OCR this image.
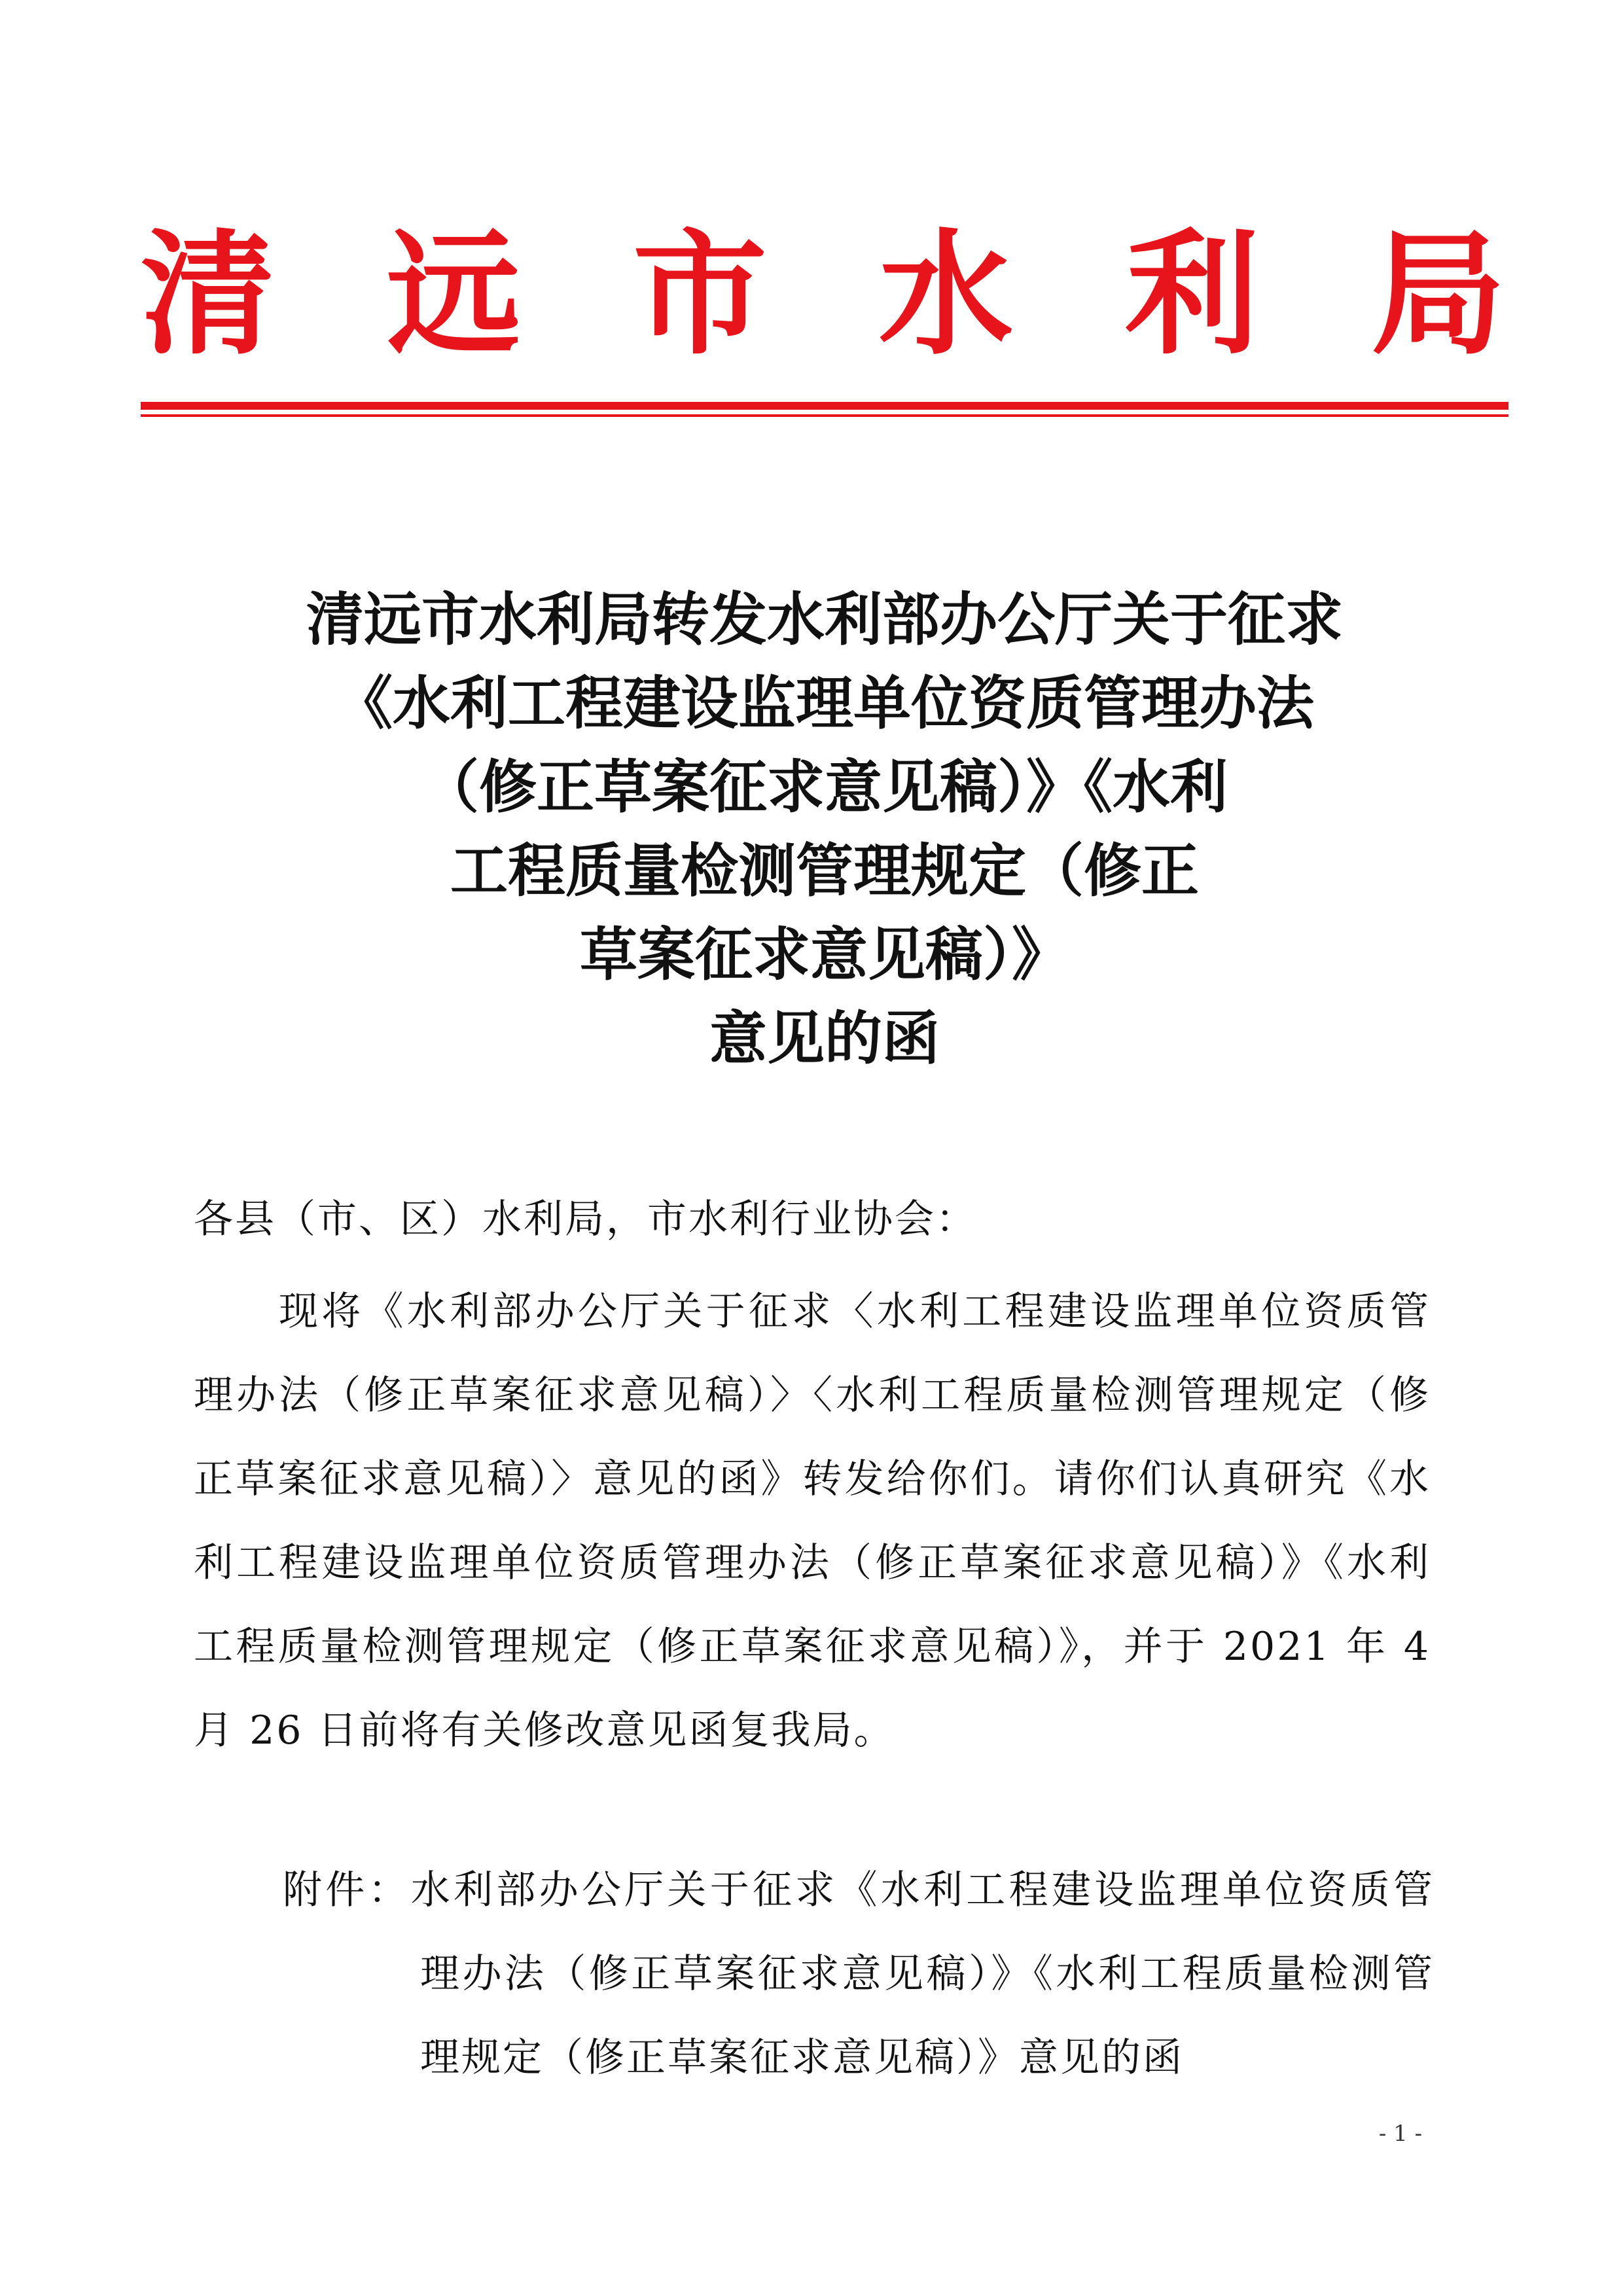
清 远 市 水 利 局
清远市水利局转发水利部办公厅关于征求
《水利工程建设监理单位资质管理办法
（修正草案征求意见稿）》《水利
工程质量检测管理规定（修正
草案征求意见稿）》
意见的函
各县（市、区）水利局，市水利行业协会：
现将《水利部办公厅关于征求〈水利工程建设监理单位资质管理办法（修正草案征求意见稿）〉〈水利工程质量检测管理规定（修正草案征求意见稿）〉意见的函》转发给你们。请你们认真研究《水利工程建设监理单位资质管理办法（修正草案征求意见稿）》《水利工程质量检测管理规定（修正草案征求意见稿）》，并于 2021 年 4 月 26 日前将有关修改意见函复我局。
附件：水利部办公厅关于征求《水利工程建设监理单位资质管理办法（修正草案征求意见稿）》《水利工程质量检测管理规定（修正草案征求意见稿）》意见的函
- 1 -
